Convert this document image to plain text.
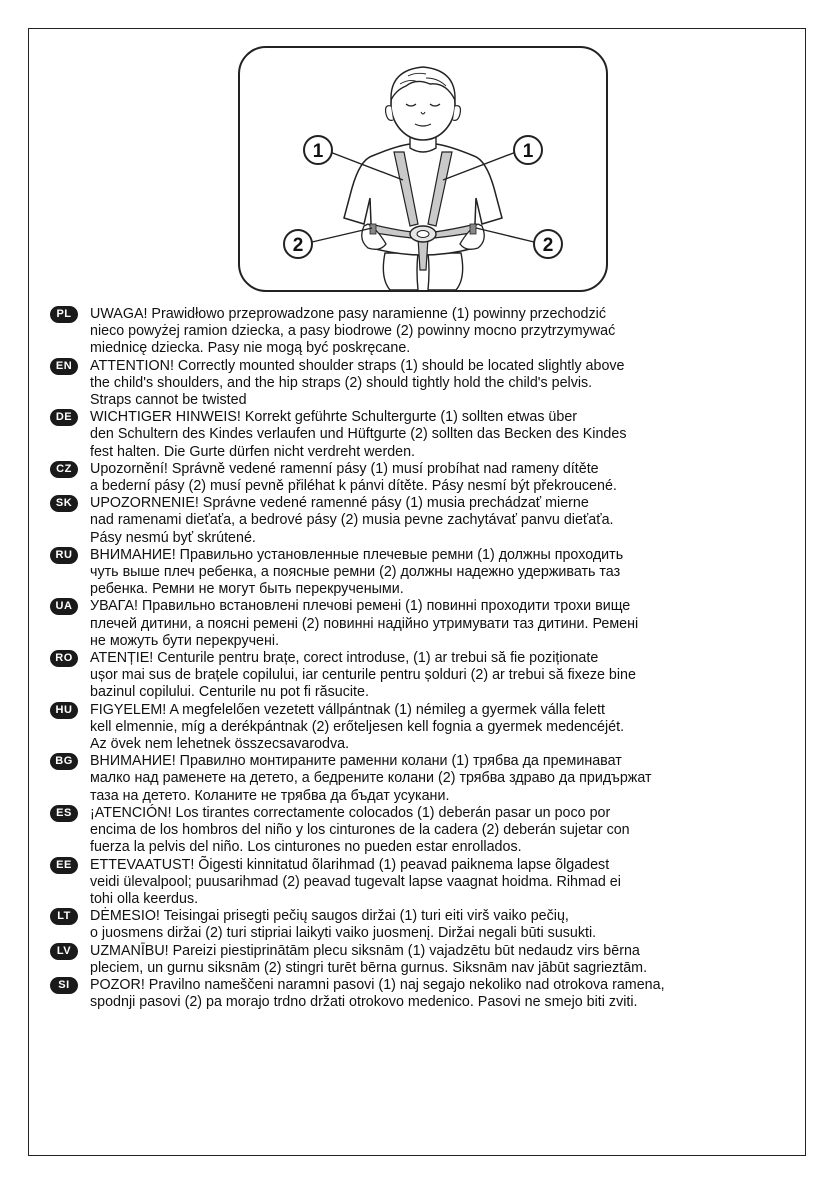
1	1
2	2
PL	UWAGA! Prawidłowo przeprowadzone pasy naramienne (1) powinny przechodzić
nieco powyżej ramion dziecka, a pasy biodrowe (2) powinny mocno przytrzymywać
miednicę dziecka. Pasy nie mogą być poskręcane.
EN	ATTENTION! Correctly mounted shoulder straps (1) should be located slightly above
the child's shoulders, and the hip straps (2) should tightly hold the child's pelvis.
Straps cannot be twisted
DE	WICHTIGER HINWEIS! Korrekt geführte Schultergurte (1) sollten etwas über
den Schultern des Kindes verlaufen und Hüftgurte (2) sollten das Becken des Kindes
fest halten. Die Gurte dürfen nicht verdreht werden.
CZ	Upozornění! Správně vedené ramenní pásy (1) musí probíhat nad rameny dítěte
a bederní pásy (2) musí pevně přiléhat k pánvi dítěte. Pásy nesmí být překroucené.
SK	UPOZORNENIE! Správne vedené ramenné pásy (1) musia prechádzať mierne
nad ramenami dieťaťa, a bedrové pásy (2) musia pevne zachytávať panvu dieťaťa.
Pásy nesmú byť skrútené.
RU	ВНИМАНИЕ! Правильно установленные плечевые ремни (1) должны проходить
чуть выше плеч ребенка, а поясные ремни (2) должны надежно удерживать таз
ребенка. Ремни не могут быть перекручеными.
UA	УВАГА! Правильно встановлені плечові ремені (1) повинні проходити трохи вище
плечей дитини, а поясні ремені (2) повинні надійно утримувати таз дитини. Ремені
не можуть бути перекручені.
RO	ATENȚIE! Centurile pentru brațe, corect introduse, (1) ar trebui să fie poziționate
ușor mai sus de brațele copilului, iar centurile pentru șolduri (2) ar trebui să fixeze bine
bazinul copilului. Centurile nu pot fi răsucite.
HU	FIGYELEM! A megfelelően vezetett vállpántnak (1) némileg a gyermek válla felett
kell elmennie, míg a derékpántnak (2) erőteljesen kell fognia a gyermek medencéjét.
Az övek nem lehetnek összecsavarodva.
BG	ВНИМАНИЕ! Правилно монтираните раменни колани (1) трябва да преминават
малко над раменете на детето, а бедрените колани (2) трябва здраво да придържат
таза на детето. Коланите не трябва да бъдат усукани.
ES	¡ATENCIÓN! Los tirantes correctamente colocados (1) deberán pasar un poco por
encima de los hombros del niño y los cinturones de la cadera (2) deberán sujetar con
fuerza la pelvis del niño. Los cinturones no pueden estar enrollados.
EE	ETTEVAATUST! Õigesti kinnitatud õlarihmad (1) peavad paiknema lapse õlgadest
veidi ülevalpool; puusarihmad (2) peavad tugevalt lapse vaagnat hoidma. Rihmad ei
tohi olla keerdus.
LT	DĖMESIO! Teisingai prisegti pečių saugos diržai (1) turi eiti virš vaiko pečių,
o juosmens diržai (2) turi stipriai laikyti vaiko juosmenį. Diržai negali būti susukti.
LV	UZMANĪBU! Pareizi piestiprinātām plecu siksnām (1) vajadzētu būt nedaudz virs bērna
pleciem, un gurnu siksnām (2) stingri turēt bērna gurnus. Siksnām nav jābūt sagrieztām.
SI	POZOR! Pravilno nameščeni naramni pasovi (1) naj segajo nekoliko nad otrokova ramena,
spodnji pasovi (2) pa morajo trdno držati otrokovo medenico. Pasovi ne smejo biti zviti.
